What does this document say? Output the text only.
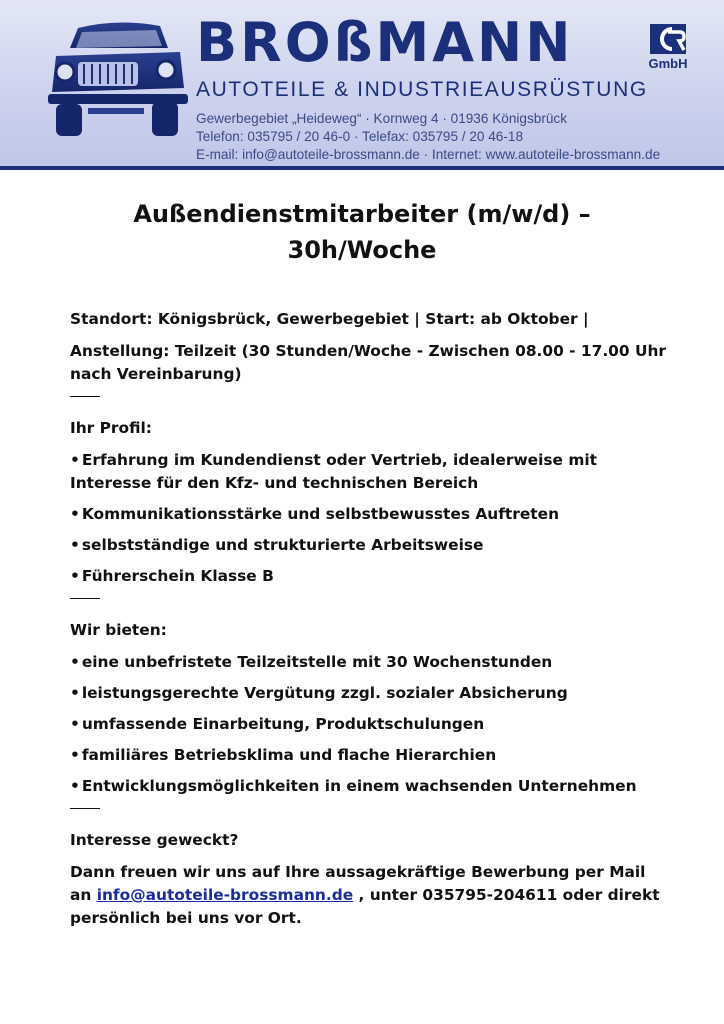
BROßMANN
AUTOTEILE & INDUSTRIEAUSRÜSTUNG
GmbH
Gewerbegebiet „Heideweg“ · Kornweg 4 · 01936 Königsbrück
Telefon: 035795 / 20 46-0 · Telefax: 035795 / 20 46-18
E-mail: info@autoteile-brossmann.de · Internet: www.autoteile-brossmann.de
Außendienstmitarbeiter (m/w/d) –
30h/Woche

Standort: Königsbrück, Gewerbegebiet | Start: ab Oktober |

Anstellung: Teilzeit (30 Stunden/Woche - Zwischen 08.00 - 17.00 Uhr nach Vereinbarung)

Ihr Profil:

• Erfahrung im Kundendienst oder Vertrieb, idealerweise mit Interesse für den Kfz- und technischen Bereich
• Kommunikationsstärke und selbstbewusstes Auftreten
• selbstständige und strukturierte Arbeitsweise
• Führerschein Klasse B

Wir bieten:

• eine unbefristete Teilzeitstelle mit 30 Wochenstunden
• leistungsgerechte Vergütung zzgl. sozialer Absicherung
• umfassende Einarbeitung, Produktschulungen
• familiäres Betriebsklima und flache Hierarchien
• Entwicklungsmöglichkeiten in einem wachsenden Unternehmen

Interesse geweckt?

Dann freuen wir uns auf Ihre aussagekräftige Bewerbung per Mail an info@autoteile-brossmann.de , unter 035795-204611 oder direkt persönlich bei uns vor Ort.
